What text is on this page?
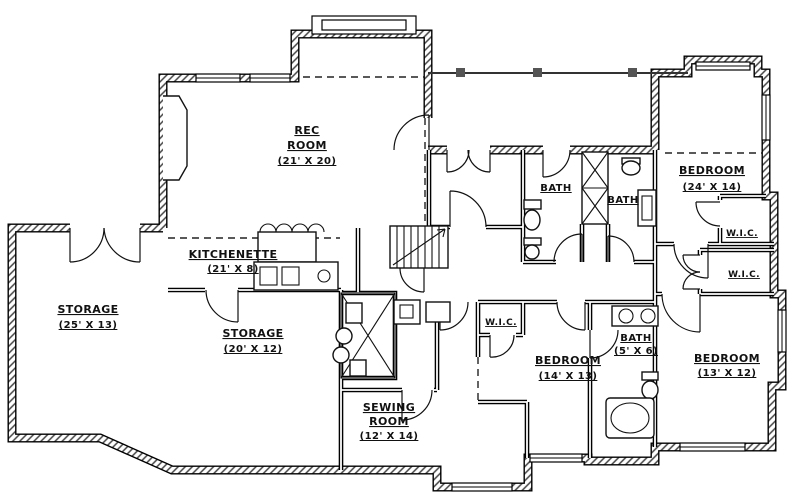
REC
ROOM
(21' X 20)
KITCHENETTE
(21' X 8)
STORAGE
(25' X 13)
STORAGE
(20' X 12)
SEWING
ROOM
(12' X 14)
BATH
BATH
BEDROOM
(24' X 14)
W.I.C.
W.I.C.
W.I.C.
BEDROOM
(14' X 13)
BATH
(5' X 6)
BEDROOM
(13' X 12)
